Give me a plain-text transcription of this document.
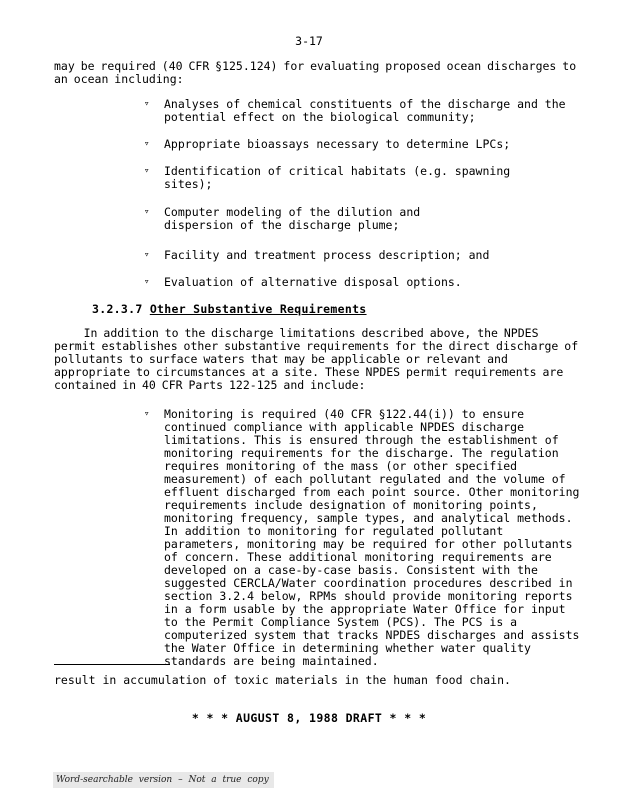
3-17
may be required (40 CFR §125.124) for evaluating proposed ocean discharges to an ocean including:
▿ Analyses of chemical constituents of the discharge and the potential effect on the biological community;
▿ Appropriate bioassays necessary to determine LPCs;
▿ Identification of critical habitats (e.g. spawning sites);
▿ Computer modeling of the dilution and dispersion of the discharge plume;
▿ Facility and treatment process description; and
▿ Evaluation of alternative disposal options.
3.2.3.7 Other Substantive Requirements
In addition to the discharge limitations described above, the NPDES permit establishes other substantive requirements for the direct discharge of pollutants to surface waters that may be applicable or relevant and appropriate to circumstances at a site. These NPDES permit requirements are contained in 40 CFR Parts 122-125 and include:
▿ Monitoring is required (40 CFR §122.44(i)) to ensure continued compliance with applicable NPDES discharge limitations. This is ensured through the establishment of monitoring requirements for the discharge. The regulation requires monitoring of the mass (or other specified measurement) of each pollutant regulated and the volume of effluent discharged from each point source. Other monitoring requirements include designation of monitoring points, monitoring frequency, sample types, and analytical methods. In addition to monitoring for regulated pollutant parameters, monitoring may be required for other pollutants of concern. These additional monitoring requirements are developed on a case-by-case basis. Consistent with the suggested CERCLA/Water coordination procedures described in section 3.2.4 below, RPMs should provide monitoring reports in a form usable by the appropriate Water Office for input to the Permit Compliance System (PCS). The PCS is a computerized system that tracks NPDES discharges and assists the Water Office in determining whether water quality standards are being maintained.
result in accumulation of toxic materials in the human food chain.
* * * AUGUST 8, 1988 DRAFT * * *
Word-searchable version – Not a true copy
